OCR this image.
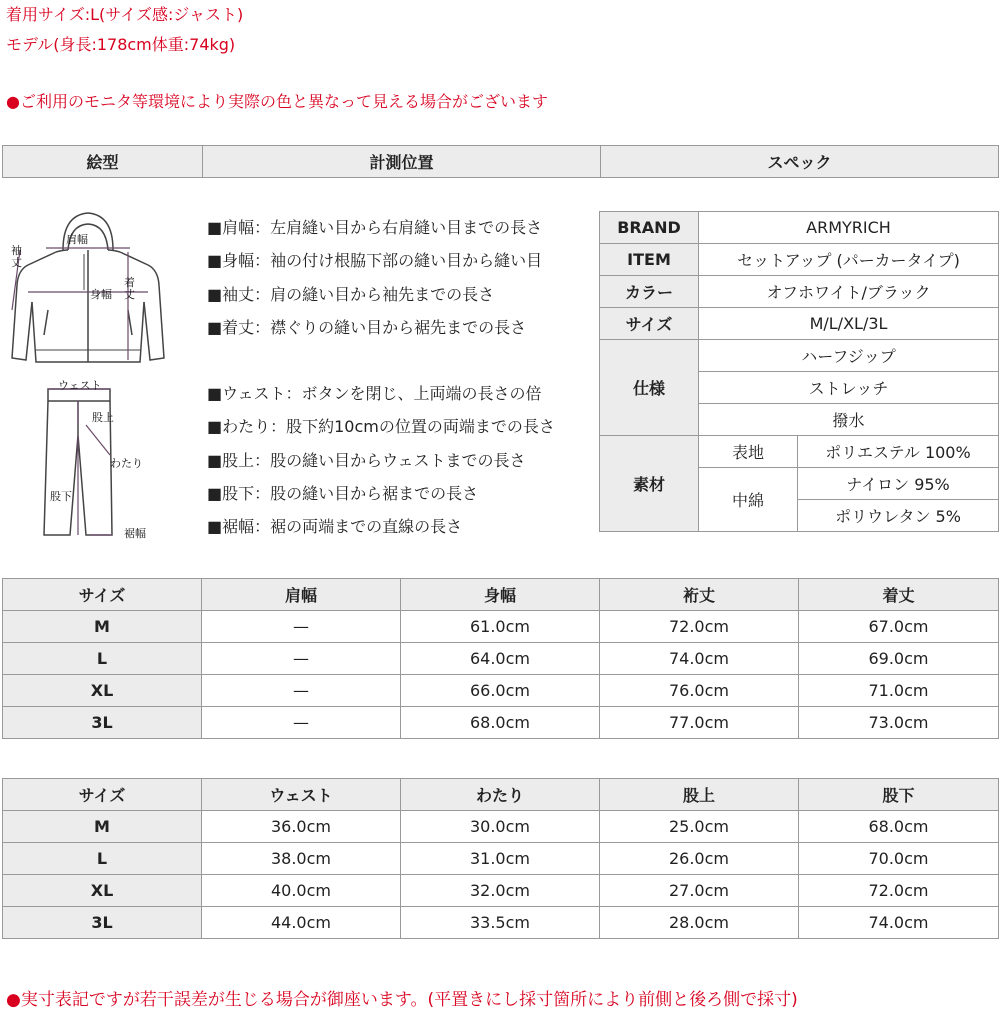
着用サイズ:L(サイズ感:ジャスト)
モデル(身長:178cm体重:74kg)
●ご利用のモニタ等環境により実際の色と異なって見える場合がございます
絵型	計測位置	スペック
肩幅
袖
丈
身幅
着
丈
ウェスト
股上
わたり
股下
裾幅
■肩幅：左肩縫い目から右肩縫い目までの長さ
■身幅：袖の付け根脇下部の縫い目から縫い目
■袖丈：肩の縫い目から袖先までの長さ
■着丈：襟ぐりの縫い目から裾先までの長さ
■ウェスト：ボタンを閉じ、上両端の長さの倍
■わたり：股下約10cmの位置の両端までの長さ
■股上：股の縫い目からウェストまでの長さ
■股下：股の縫い目から裾までの長さ
■裾幅：裾の両端までの直線の長さ
BRAND	ARMYRICH	
ITEM	セットアップ (パーカータイプ)	
カラー	オフホワイト/ブラック	
サイズ	M/L/XL/3L	
仕様	ハーフジップ	
	ストレッチ	
	撥水	
素材	表地	ポリエステル 100%
	中綿	ナイロン 95%
		ポリウレタン 5%
サイズ	肩幅	身幅	裄丈	着丈
M	—	61.0cm	72.0cm	67.0cm
L	—	64.0cm	74.0cm	69.0cm
XL	—	66.0cm	76.0cm	71.0cm
3L	—	68.0cm	77.0cm	73.0cm
サイズ	ウェスト	わたり	股上	股下
M	36.0cm	30.0cm	25.0cm	68.0cm
L	38.0cm	31.0cm	26.0cm	70.0cm
XL	40.0cm	32.0cm	27.0cm	72.0cm
3L	44.0cm	33.5cm	28.0cm	74.0cm
●実寸表記ですが若干誤差が生じる場合が御座います。(平置きにし採寸箇所により前側と後ろ側で採寸)
